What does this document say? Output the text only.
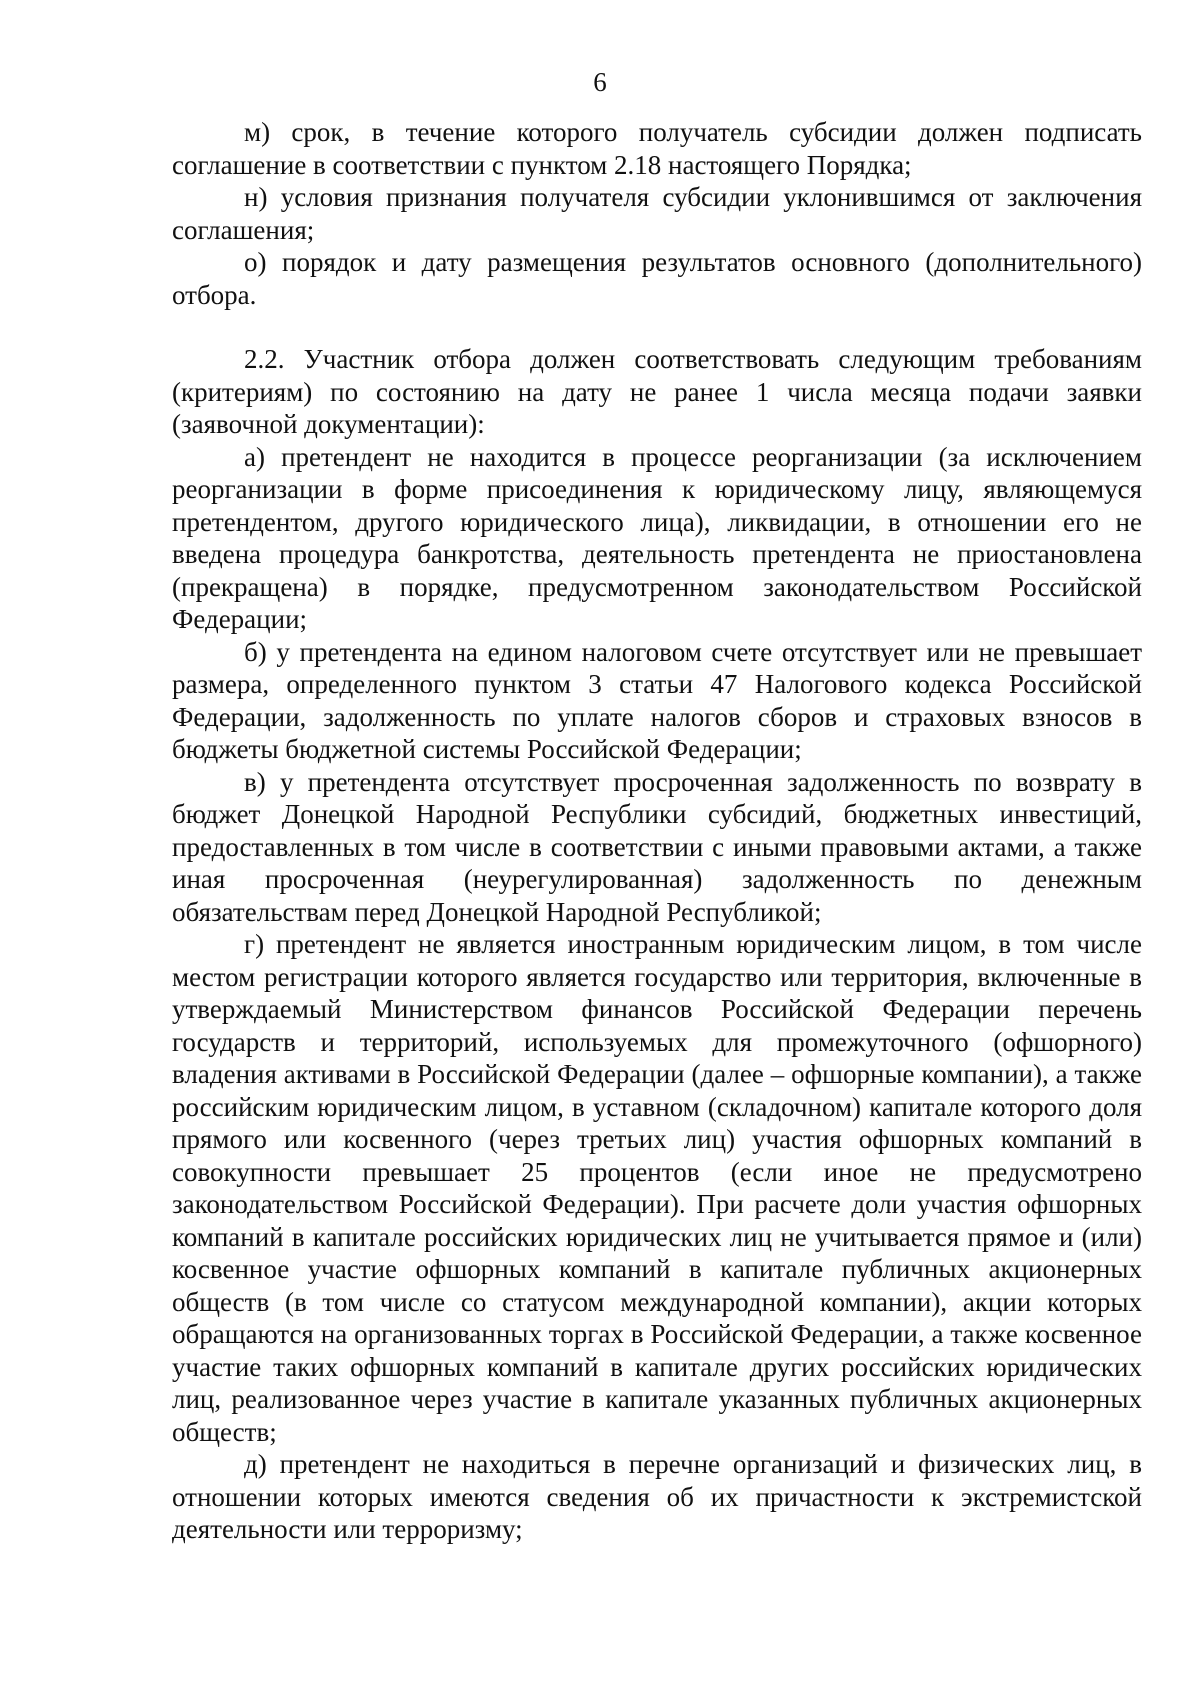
6

м) срок, в течение которого получатель субсидии должен подписать соглашение в соответствии с пунктом 2.18 настоящего Порядка;

н) условия признания получателя субсидии уклонившимся от заключения соглашения;

о) порядок и дату размещения результатов основного (дополнительного) отбора.

2.2. Участник отбора должен соответствовать следующим требованиям (критериям) по состоянию на дату не ранее 1 числа месяца подачи заявки (заявочной документации):

а) претендент не находится в процессе реорганизации (за исключением реорганизации в форме присоединения к юридическому лицу, являющемуся претендентом, другого юридического лица), ликвидации, в отношении его не введена процедура банкротства, деятельность претендента не приостановлена (прекращена) в порядке, предусмотренном законодательством Российской Федерации;

б) у претендента на едином налоговом счете отсутствует или не превышает размера, определенного пунктом 3 статьи 47 Налогового кодекса Российской Федерации, задолженность по уплате налогов сборов и страховых взносов в бюджеты бюджетной системы Российской Федерации;

в) у претендента отсутствует просроченная задолженность по возврату в бюджет Донецкой Народной Республики субсидий, бюджетных инвестиций, предоставленных в том числе в соответствии с иными правовыми актами, а также иная просроченная (неурегулированная) задолженность по денежным обязательствам перед Донецкой Народной Республикой;

г) претендент не является иностранным юридическим лицом, в том числе местом регистрации которого является государство или территория, включенные в утверждаемый Министерством финансов Российской Федерации перечень государств и территорий, используемых для промежуточного (офшорного) владения активами в Российской Федерации (далее – офшорные компании), а также российским юридическим лицом, в уставном (складочном) капитале которого доля прямого или косвенного (через третьих лиц) участия офшорных компаний в совокупности превышает 25 процентов (если иное не предусмотрено законодательством Российской Федерации). При расчете доли участия офшорных компаний в капитале российских юридических лиц не учитывается прямое и (или) косвенное участие офшорных компаний в капитале публичных акционерных обществ (в том числе со статусом международной компании), акции которых обращаются на организованных торгах в Российской Федерации, а также косвенное участие таких офшорных компаний в капитале других российских юридических лиц, реализованное через участие в капитале указанных публичных акционерных обществ;

д) претендент не находиться в перечне организаций и физических лиц, в отношении которых имеются сведения об их причастности к экстремистской деятельности или терроризму;
